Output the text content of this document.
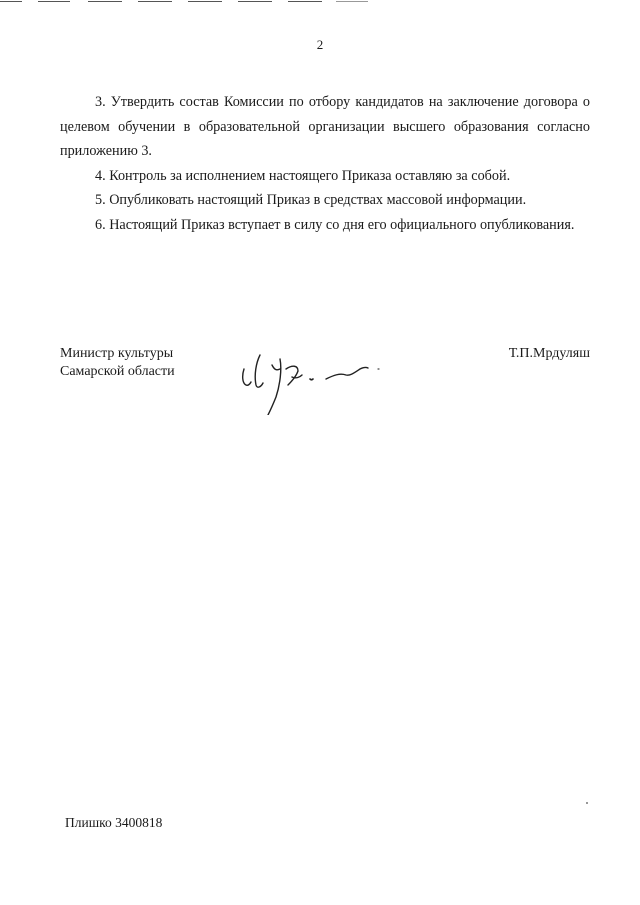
2

3. Утвердить состав Комиссии по отбору кандидатов на заключение договора о целевом обучении в образовательной организации высшего образования согласно приложению 3.

4. Контроль за исполнением настоящего Приказа оставляю за собой.

5. Опубликовать настоящий Приказ в средствах массовой информации.

6. Настоящий Приказ вступает в силу со дня его официального опубликования.

Министр культуры
Самарской области
Т.П.Мрдуляш
Плишко 3400818
